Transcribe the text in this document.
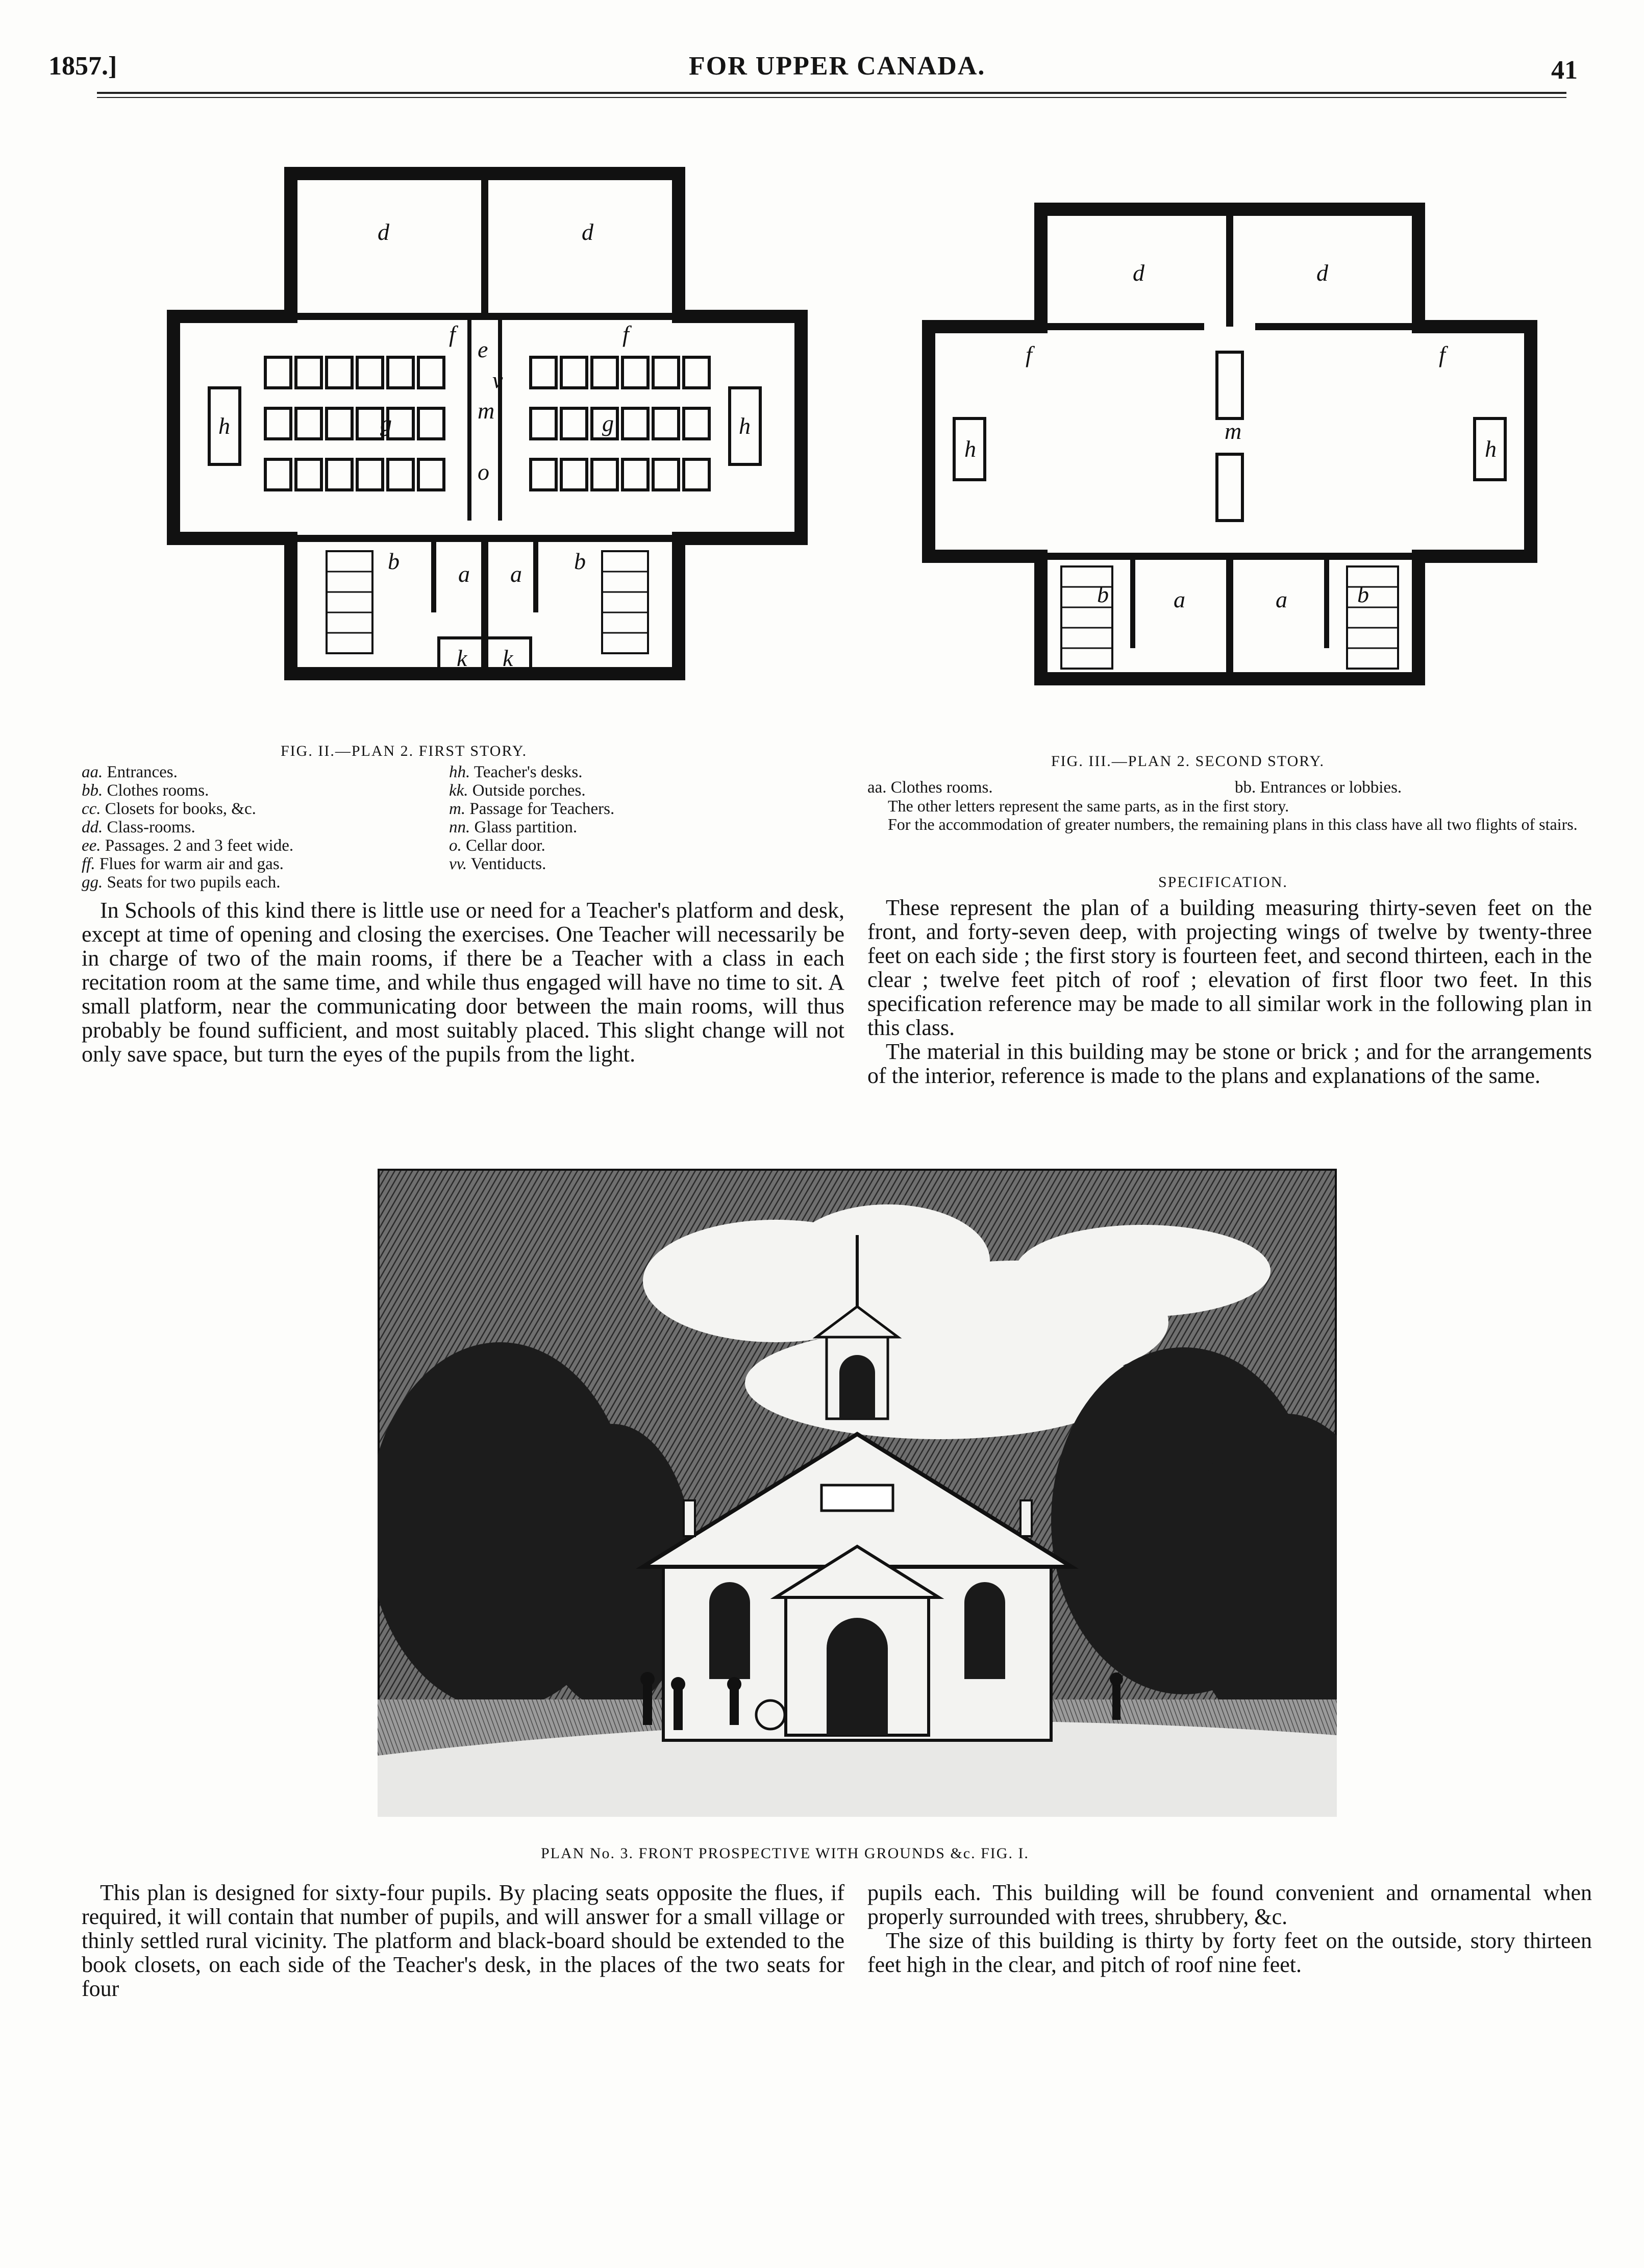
1857.]	FOR UPPER CANADA.	41
d	d
f	f
e
m
v
o
h	h
g	g
b	b
a a
k k
d	d
f	f
m
h	h
b	b
a	a
FIG. II.—PLAN 2. FIRST STORY.
aa. Entrances.
bb. Clothes rooms.
cc. Closets for books, &c.
dd. Class-rooms.
ee. Passages. 2 and 3 feet wide.
ff. Flues for warm air and gas.
gg. Seats for two pupils each.
hh. Teacher's desks.
kk. Outside porches.
m. Passage for Teachers.
nn. Glass partition.
o. Cellar door.
vv. Ventiducts.
FIG. III.—PLAN 2. SECOND STORY.
aa. Clothes rooms.	bb. Entrances or lobbies.
The other letters represent the same parts, as in the first story.
For the accommodation of greater numbers, the remaining plans in this class have all two flights of stairs.

In Schools of this kind there is little use or need for a Teacher's platform and desk, except at time of opening and closing the exercises. One Teacher will necessarily be in charge of two of the main rooms, if there be a Teacher with a class in each recitation room at the same time, and while thus engaged will have no time to sit. A small platform, near the communicating door between the main rooms, will thus probably be found sufficient, and most suitably placed. This slight change will not only save space, but turn the eyes of the pupils from the light.

SPECIFICATION.

These represent the plan of a building measuring thirty-seven feet on the front, and forty-seven deep, with projecting wings of twelve by twenty-three feet on each side ; the first story is fourteen feet, and second thirteen, each in the clear ; twelve feet pitch of roof ; elevation of first floor two feet. In this specification reference may be made to all similar work in the following plan in this class.

The material in this building may be stone or brick ; and for the arrangements of the interior, reference is made to the plans and explanations of the same.

PLAN No. 3. FRONT PROSPECTIVE WITH GROUNDS &c. FIG. I.

This plan is designed for sixty-four pupils. By placing seats opposite the flues, if required, it will contain that number of pupils, and will answer for a small village or thinly settled rural vicinity. The platform and black-board should be extended to the book closets, on each side of the Teacher's desk, in the places of the two seats for four

pupils each. This building will be found convenient and ornamental when properly surrounded with trees, shrubbery, &c.

The size of this building is thirty by forty feet on the outside, story thirteen feet high in the clear, and pitch of roof nine feet.
